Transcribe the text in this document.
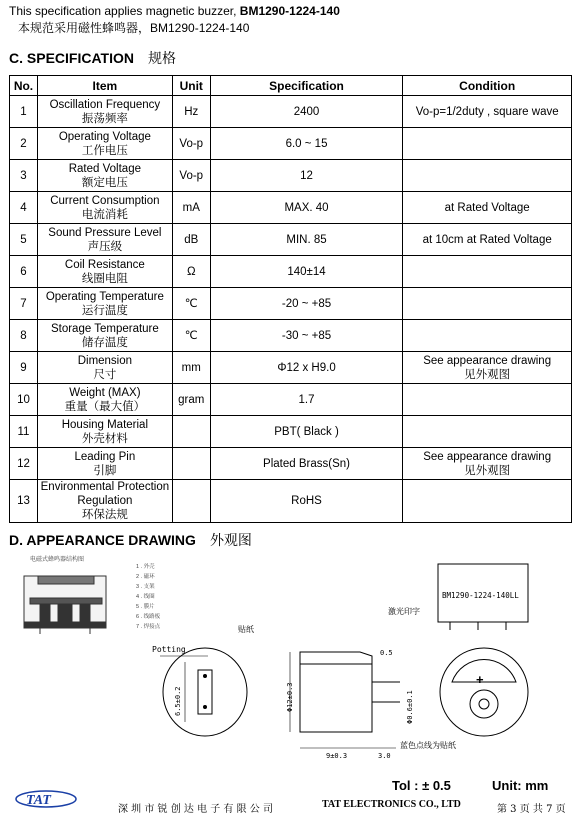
This specification applies magnetic buzzer, BM1290-1224-140
本规范采用磁性蜂鸣器，BM1290-1224-140
C. SPECIFICATION 规格
No.	Item	Unit	Specification	Condition
1	Oscillation Frequency
振荡频率	Hz	2400	Vo-p=1/2duty , square wave

2	Operating Voltage
工作电压	Vo-p	6.0 ~ 15	

3	Rated Voltage
额定电压	Vo-p	12	

4	Current Consumption
电流消耗	mA	MAX. 40	at Rated Voltage

5	Sound Pressure Level
声压级	dB	MIN. 85	at 10cm at Rated Voltage

6	Coil Resistance
线圈电阻	Ω	140±14	

7	Operating Temperature
运行温度	℃	-20 ~ +85	

8	Storage Temperature
储存温度	℃	-30 ~ +85	

9	Dimension
尺寸	mm	Φ12 x H9.0	See appearance drawing
见外观图

10	Weight (MAX)
重量（最大值）	gram	1.7	

11	Housing Material
外壳材料		PBT( Black )	

12	Leading Pin
引脚		Plated Brass(Sn)	See appearance drawing
见外观图

13	Environmental Protection Regulation
环保法规		RoHS	
D. APPEARANCE DRAWING 外观图
电磁式蜂鸣器结构图
1 . 外壳
2 . 磁环
3 . 支架
4 . 线圈
5 . 膜片
6 . 线路板
7 . 焊接点
Potting
贴纸
6.5±0.2	Φ12±0.3
9±0.3	3.0
0.5
Φ0.6±0.1
BM1290-1224-140LL
激光印字
+
蓝色点线为贴纸
Tol : ± 0.5	Unit: mm
TAT
深 圳 市 锐 创 达 电 子 有 限 公 司	TAT ELECTRONICS CO., LTD	第 3 页 共 7 页
